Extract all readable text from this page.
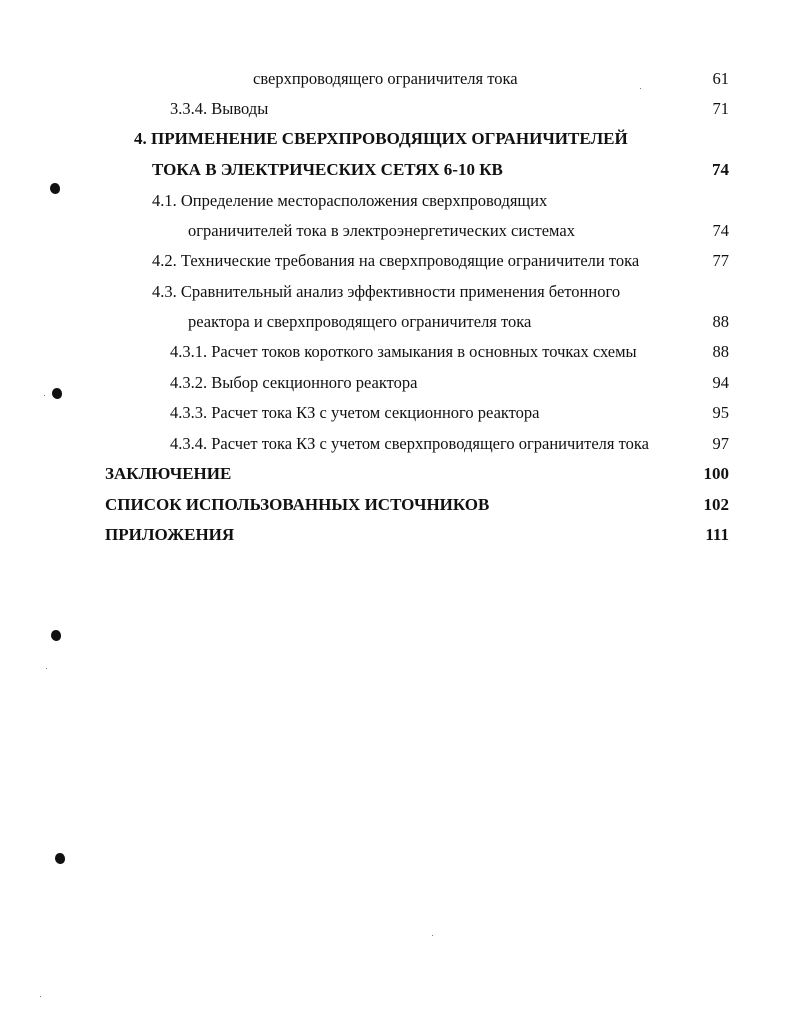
сверхпроводящего ограничителя тока	61
3.3.4. Выводы	71
4. ПРИМЕНЕНИЕ СВЕРХПРОВОДЯЩИХ ОГРАНИЧИТЕЛЕЙ
ТОКА В ЭЛЕКТРИЧЕСКИХ СЕТЯХ 6-10 КВ	74
4.1. Определение месторасположения сверхпроводящих
ограничителей тока в электроэнергетических системах	74
4.2. Технические требования на сверхпроводящие ограничители тока	77
4.3. Сравнительный анализ эффективности применения бетонного
реактора и сверхпроводящего ограничителя тока	88
4.3.1. Расчет токов короткого замыкания в основных точках схемы	88
4.3.2. Выбор секционного реактора	94
4.3.3. Расчет тока КЗ с учетом секционного реактора	95
4.3.4. Расчет тока КЗ с учетом сверхпроводящего ограничителя тока	97
ЗАКЛЮЧЕНИЕ	100
СПИСОК ИСПОЛЬЗОВАННЫХ ИСТОЧНИКОВ	102
ПРИЛОЖЕНИЯ	111
